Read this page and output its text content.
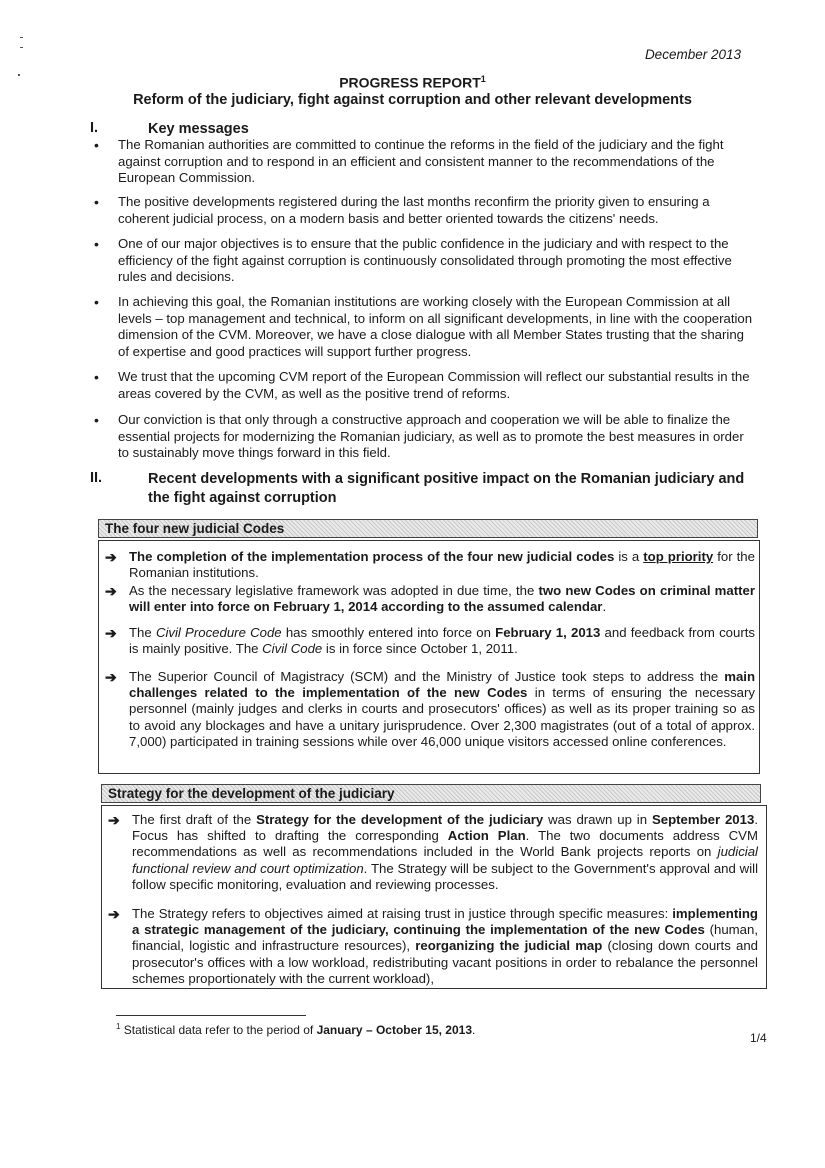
December 2013
PROGRESS REPORT$^1$
Reform of the judiciary, fight against corruption and other relevant developments
I.	Key messages
• The Romanian authorities are committed to continue the reforms in the field of the judiciary and the fight against corruption and to respond in an efficient and consistent manner to the recommendations of the European Commission.
• The positive developments registered during the last months reconfirm the priority given to ensuring a coherent judicial process, on a modern basis and better oriented towards the citizens' needs.
• One of our major objectives is to ensure that the public confidence in the judiciary and with respect to the efficiency of the fight against corruption is continuously consolidated through promoting the most effective rules and decisions.
• In achieving this goal, the Romanian institutions are working closely with the European Commission at all levels – top management and technical, to inform on all significant developments, in line with the cooperation dimension of the CVM. Moreover, we have a close dialogue with all Member States trusting that the sharing of expertise and good practices will support further progress.
• We trust that the upcoming CVM report of the European Commission will reflect our substantial results in the areas covered by the CVM, as well as the positive trend of reforms.
• Our conviction is that only through a constructive approach and cooperation we will be able to finalize the essential projects for modernizing the Romanian judiciary, as well as to promote the best measures in order to sustainably move things forward in this field.
II.	Recent developments with a significant positive impact on the Romanian judiciary and the fight against corruption
The four new judicial Codes
➔ The completion of the implementation process of the four new judicial codes is a top priority for the Romanian institutions.
➔ As the necessary legislative framework was adopted in due time, the two new Codes on criminal matter will enter into force on February 1, 2014 according to the assumed calendar.
➔ The Civil Procedure Code has smoothly entered into force on February 1, 2013 and feedback from courts is mainly positive. The Civil Code is in force since October 1, 2011.
➔ The Superior Council of Magistracy (SCM) and the Ministry of Justice took steps to address the main challenges related to the implementation of the new Codes in terms of ensuring the necessary personnel (mainly judges and clerks in courts and prosecutors' offices) as well as its proper training so as to avoid any blockages and have a unitary jurisprudence. Over 2,300 magistrates (out of a total of approx. 7,000) participated in training sessions while over 46,000 unique visitors accessed online conferences.
Strategy for the development of the judiciary
➔ The first draft of the Strategy for the development of the judiciary was drawn up in September 2013. Focus has shifted to drafting the corresponding Action Plan. The two documents address CVM recommendations as well as recommendations included in the World Bank projects reports on judicial functional review and court optimization. The Strategy will be subject to the Government's approval and will follow specific monitoring, evaluation and reviewing processes.
➔ The Strategy refers to objectives aimed at raising trust in justice through specific measures: implementing a strategic management of the judiciary, continuing the implementation of the new Codes (human, financial, logistic and infrastructure resources), reorganizing the judicial map (closing down courts and prosecutor's offices with a low workload, redistributing vacant positions in order to rebalance the personnel schemes proportionately with the current workload),
$^1$ Statistical data refer to the period of January – October 15, 2013.
1/4
